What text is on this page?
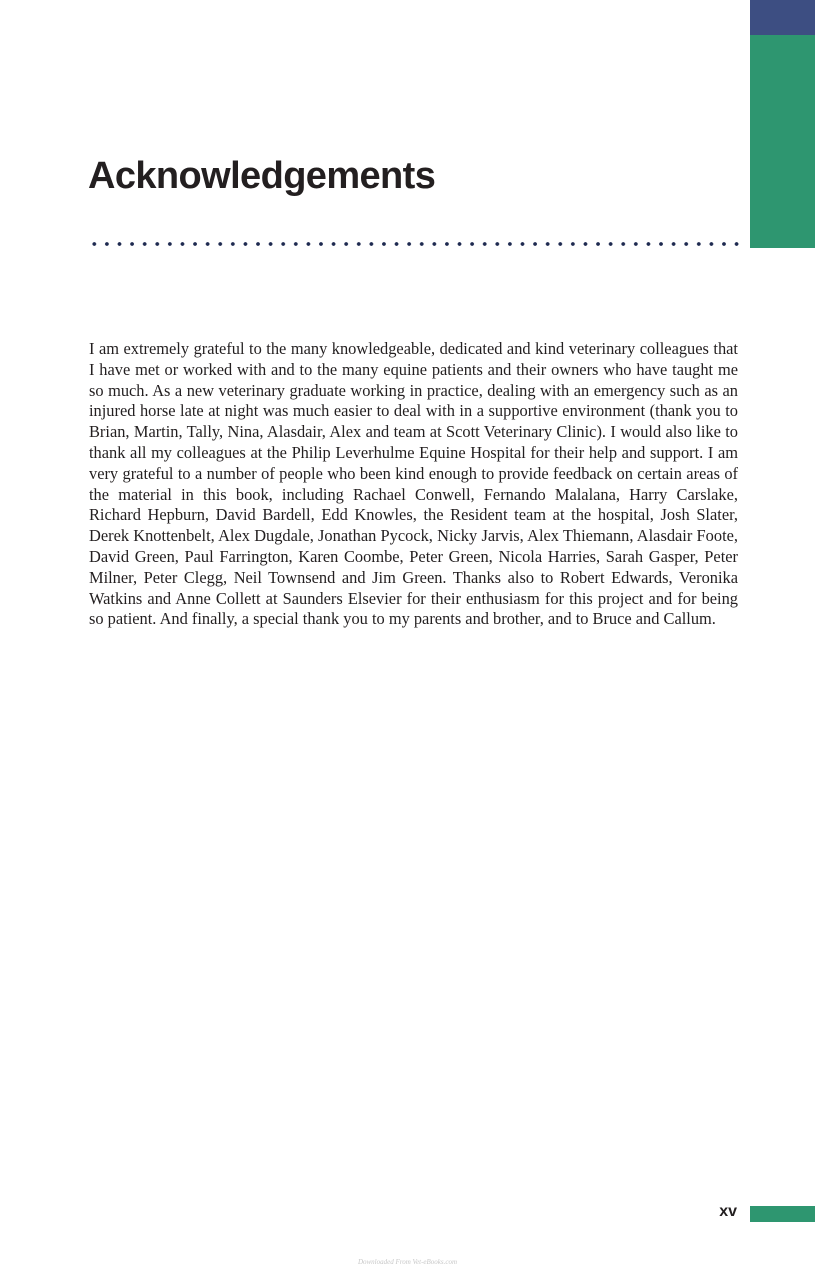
Acknowledgements

I am extremely grateful to the many knowledgeable, dedicated and kind veterinary colleagues that I have met or worked with and to the many equine patients and their owners who have taught me so much. As a new veterinary graduate working in practice, dealing with an emergency such as an injured horse late at night was much easier to deal with in a supportive environment (thank you to Brian, Martin, Tally, Nina, Alasdair, Alex and team at Scott Veterinary Clinic). I would also like to thank all my colleagues at the Philip Leverhulme Equine Hospital for their help and support. I am very grateful to a number of people who been kind enough to provide feedback on certain areas of the material in this book, including Rachael Conwell, Fernando Malalana, Harry Carslake, Richard Hepburn, David Bardell, Edd Knowles, the Resident team at the hospital, Josh Slater, Derek Knottenbelt, Alex Dugdale, Jonathan Pycock, Nicky Jarvis, Alex Thiemann, Alasdair Foote, David Green, Paul Farrington, Karen Coombe, Peter Green, Nicola Harries, Sarah Gasper, Peter Milner, Peter Clegg, Neil Townsend and Jim Green. Thanks also to Robert Edwards, Veronika Watkins and Anne Collett at Saunders Elsevier for their enthusiasm for this project and for being so patient. And finally, a special thank you to my parents and brother, and to Bruce and Callum.

xv
Downloaded From Vet-eBooks.com
